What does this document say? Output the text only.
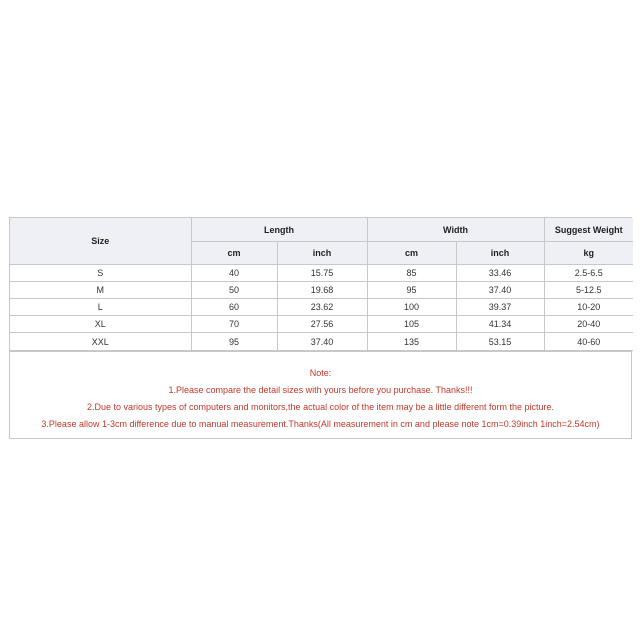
Size	Length		Width		Suggest Weight
	cm	inch	cm	inch	kg
S	40	15.75	85	33.46	2.5-6.5
M	50	19.68	95	37.40	5-12.5
L	60	23.62	100	39.37	10-20
XL	70	27.56	105	41.34	20-40
XXL	95	37.40	135	53.15	40-60
Note:
1.Please compare the detail sizes with yours before you purchase. Thanks!!!
2.Due to various types of computers and monitors,the actual color of the item may be a little different form the picture.
3.Please allow 1-3cm difference due to manual measurement.Thanks(All measurement in cm and please note 1cm=0.39inch 1inch=2.54cm)
